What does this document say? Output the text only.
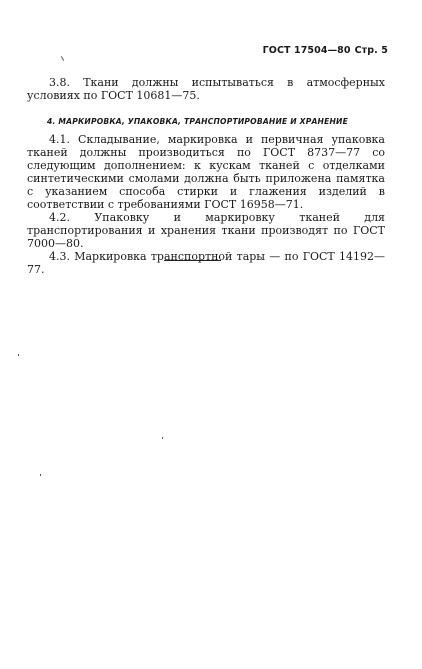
ГОСТ 17504—80 Стр. 5

3.8. Ткани должны испытываться в атмосферных условиях по ГОСТ 10681—75.

4. МАРКИРОВКА, УПАКОВКА, ТРАНСПОРТИРОВАНИЕ И ХРАНЕНИЕ

4.1. Складывание, маркировка и первичная упаковка тканей должны производиться по ГОСТ 8737—77 со следующим дополнением: к кускам тканей с отделками синтетическими смолами должна быть приложена памятка с указанием способа стирки и глажения изделий в соответствии с требованиями ГОСТ 16958—71.

4.2. Упаковку и маркировку тканей для транспортирования и хранения ткани производят по ГОСТ 7000—80.

4.3. Маркировка транспортной тары — по ГОСТ 14192—77.
